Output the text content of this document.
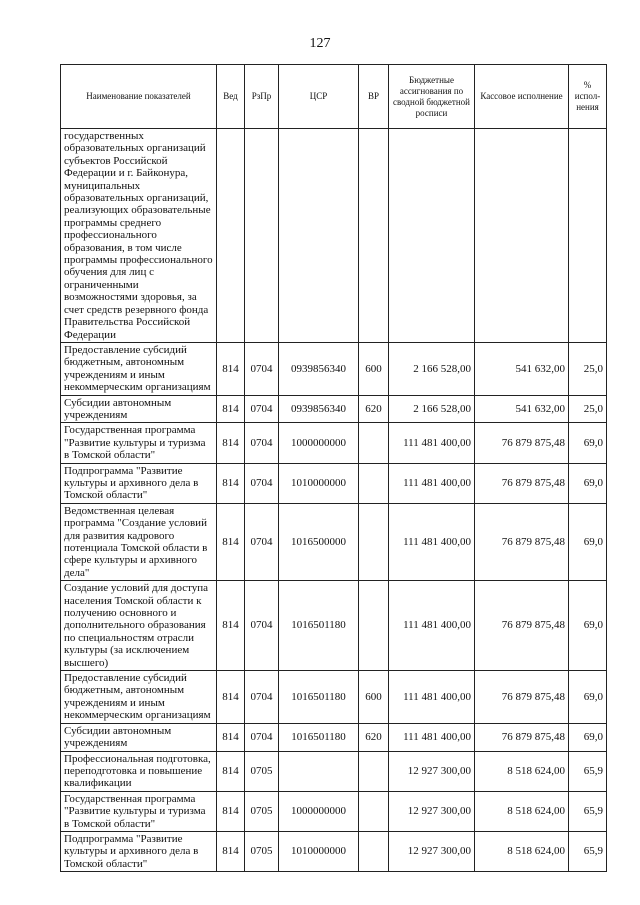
127
Наименование показателей	Вед	РзПр	ЦСР	ВР	Бюджетные ассигнования по сводной бюджетной росписи	Кассовое исполнение	% испол-нения
государственных образовательных организаций субъектов Российской Федерации и г. Байконура, муниципальных образовательных организаций, реализующих образовательные программы среднего профессионального образования, в том числе программы профессионального обучения для лиц с ограниченными возможностями здоровья, за счет средств резервного фонда Правительства Российской Федерации							
Предоставление субсидий бюджетным, автономным учреждениям и иным некоммерческим организациям	814	0704	0939856340	600	2 166 528,00	541 632,00	25,0
Субсидии автономным учреждениям	814	0704	0939856340	620	2 166 528,00	541 632,00	25,0
Государственная программа "Развитие культуры и туризма в Томской области"	814	0704	1000000000		111 481 400,00	76 879 875,48	69,0
Подпрограмма "Развитие культуры и архивного дела в Томской области"	814	0704	1010000000		111 481 400,00	76 879 875,48	69,0
Ведомственная целевая программа "Создание условий для развития кадрового потенциала Томской области в сфере культуры и архивного дела"	814	0704	1016500000		111 481 400,00	76 879 875,48	69,0
Создание условий для доступа населения Томской области к получению основного и дополнительного образования по специальностям отрасли культуры (за исключением высшего)	814	0704	1016501180		111 481 400,00	76 879 875,48	69,0
Предоставление субсидий бюджетным, автономным учреждениям и иным некоммерческим организациям	814	0704	1016501180	600	111 481 400,00	76 879 875,48	69,0
Субсидии автономным учреждениям	814	0704	1016501180	620	111 481 400,00	76 879 875,48	69,0
Профессиональная подготовка, переподготовка и повышение квалификации	814	0705			12 927 300,00	8 518 624,00	65,9
Государственная программа "Развитие культуры и туризма в Томской области"	814	0705	1000000000		12 927 300,00	8 518 624,00	65,9
Подпрограмма "Развитие культуры и архивного дела в Томской области"	814	0705	1010000000		12 927 300,00	8 518 624,00	65,9
